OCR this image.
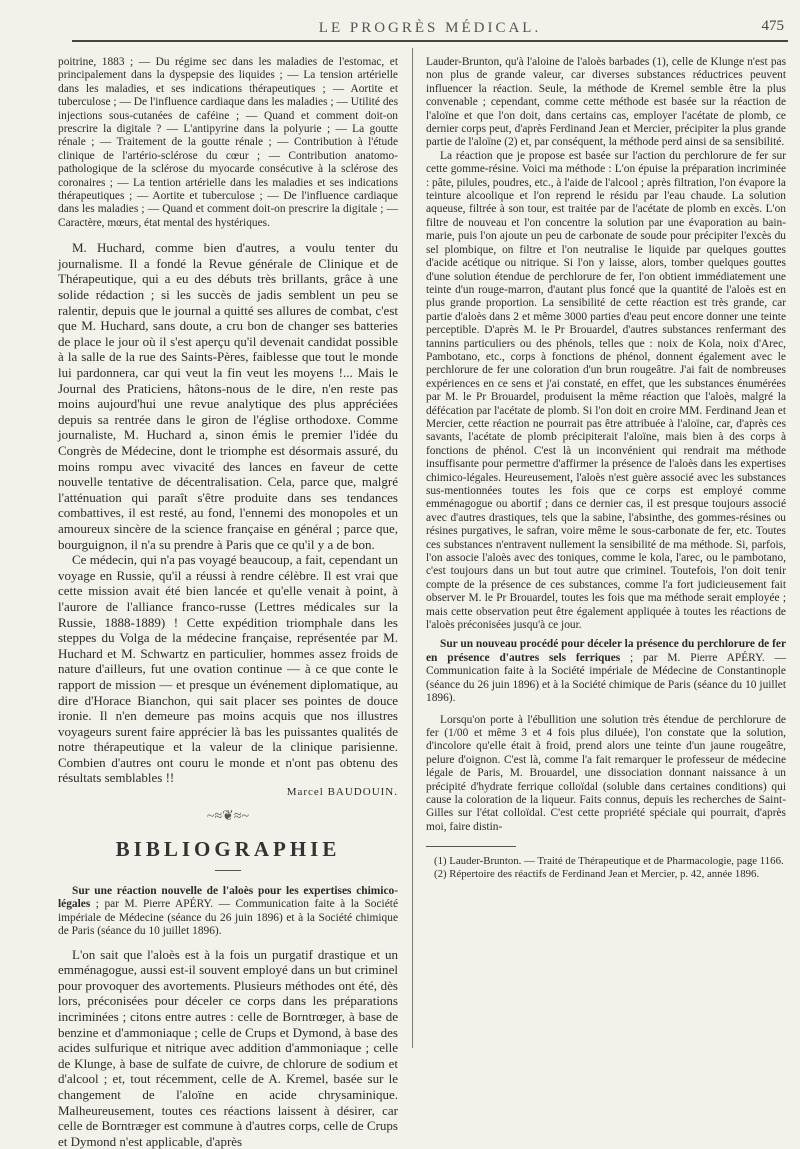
LE PROGRÈS MÉDICAL.	475

poitrine, 1883 ; — Du régime sec dans les maladies de l'estomac, et principalement dans la dyspepsie des liquides ; — La tension artérielle dans les maladies, et ses indications thérapeutiques ; — Aortite et tuberculose ; — De l'influence cardiaque dans les maladies ; — Utilité des injections sous-cutanées de caféine ; — Quand et comment doit-on prescrire la digitale ? — L'antipyrine dans la polyurie ; — La goutte rénale ; — Traitement de la goutte rénale ; — Contribution à l'étude clinique de l'artério-sclérose du cœur ; — Contribution anatomo-pathologique de la sclérose du myocarde consécutive à la sclérose des coronaires ; — La tention artérielle dans les maladies et ses indications thérapeutiques ; — Aortite et tuberculose ; — De l'influence cardiaque dans les maladies ; — Quand et comment doit-on prescrire la digitale ; — Caractère, mœurs, état mental des hystériques.

M. Huchard, comme bien d'autres, a voulu tenter du journalisme. Il a fondé la Revue générale de Clinique et de Thérapeutique, qui a eu des débuts très brillants, grâce à une solide rédaction ; si les succès de jadis semblent un peu se ralentir, depuis que le journal a quitté ses allures de combat, c'est que M. Huchard, sans doute, a cru bon de changer ses batteries de place le jour où il s'est aperçu qu'il devenait candidat possible à la salle de la rue des Saints-Pères, faiblesse que tout le monde lui pardonnera, car qui veut la fin veut les moyens !... Mais le Journal des Praticiens, hâtons-nous de le dire, n'en reste pas moins aujourd'hui une revue analytique des plus appréciées depuis sa rentrée dans le giron de l'église orthodoxe. Comme journaliste, M. Huchard a, sinon émis le premier l'idée du Congrès de Médecine, dont le triomphe est désormais assuré, du moins rompu avec vivacité des lances en faveur de cette nouvelle tentative de décentralisation. Cela, parce que, malgré l'atténuation qui paraît s'être produite dans ses tendances combattives, il est resté, au fond, l'ennemi des monopoles et un amoureux sincère de la science française en général ; parce que, bourguignon, il n'a su prendre à Paris que ce qu'il y a de bon.

Ce médecin, qui n'a pas voyagé beaucoup, a fait, cependant un voyage en Russie, qu'il a réussi à rendre célèbre. Il est vrai que cette mission avait été bien lancée et qu'elle venait à point, à l'aurore de l'alliance franco-russe (Lettres médicales sur la Russie, 1888-1889) ! Cette expédition triomphale dans les steppes du Volga de la médecine française, représentée par M. Huchard et M. Schwartz en particulier, hommes assez froids de nature d'ailleurs, fut une ovation continue — à ce que conte le rapport de mission — et presque un événement diplomatique, au dire d'Horace Bianchon, qui sait placer ses pointes de douce ironie. Il n'en demeure pas moins acquis que nos illustres voyageurs surent faire apprécier là bas les puissantes qualités de notre thérapeutique et la valeur de la clinique parisienne. Combien d'autres ont couru le monde et n'ont pas obtenu des résultats semblables !!

Marcel BAUDOUIN.
~≈❦≈~
BIBLIOGRAPHIE

Sur une réaction nouvelle de l'aloès pour les expertises chimico-légales ; par M. Pierre APÉRY. — Communication faite à la Société impériale de Médecine (séance du 26 juin 1896) et à la Société chimique de Paris (séance du 10 juillet 1896).

L'on sait que l'aloès est à la fois un purgatif drastique et un emménagogue, aussi est-il souvent employé dans un but criminel pour provoquer des avortements. Plusieurs méthodes ont été, dès lors, préconisées pour déceler ce corps dans les préparations incriminées ; citons entre autres : celle de Borntrœger, à base de benzine et d'ammoniaque ; celle de Crups et Dymond, à base des acides sulfurique et nitrique avec addition d'ammoniaque ; celle de Klunge, à base de sulfate de cuivre, de chlorure de sodium et d'alcool ; et, tout récemment, celle de A. Kremel, basée sur le changement de l'aloïne en acide chrysaminique. Malheureusement, toutes ces réactions laissent à désirer, car celle de Borntræger est commune à d'autres corps, celle de Crups et Dymond n'est applicable, d'après

Lauder-Brunton, qu'à l'aloine de l'aloès barbades (1), celle de Klunge n'est pas non plus de grande valeur, car diverses substances réductrices peuvent influencer la réaction. Seule, la méthode de Kremel semble être la plus convenable ; cependant, comme cette méthode est basée sur la réaction de l'aloïne et que l'on doit, dans certains cas, employer l'acétate de plomb, ce dernier corps peut, d'après Ferdinand Jean et Mercier, précipiter la plus grande partie de l'aloïne (2) et, par conséquent, la méthode perd ainsi de sa sensibilité.

La réaction que je propose est basée sur l'action du perchlorure de fer sur cette gomme-résine. Voici ma méthode : L'on épuise la préparation incriminée : pâte, pilules, poudres, etc., à l'aide de l'alcool ; après filtration, l'on évapore la teinture alcoolique et l'on reprend le résidu par l'eau chaude. La solution aqueuse, filtrée à son tour, est traitée par de l'acétate de plomb en excès. L'on filtre de nouveau et l'on concentre la solution par une évaporation au bain-marie, puis l'on ajoute un peu de carbonate de soude pour précipiter l'excès du sel plombique, on filtre et l'on neutralise le liquide par quelques gouttes d'acide acétique ou nitrique. Si l'on y laisse, alors, tomber quelques gouttes d'une solution étendue de perchlorure de fer, l'on obtient immédiatement une teinte d'un rouge-marron, d'autant plus foncé que la quantité de l'aloès est en plus grande proportion. La sensibilité de cette réaction est très grande, car partie d'aloès dans 2 et même 3000 parties d'eau peut encore donner une teinte perceptible. D'après M. le Pr Brouardel, d'autres substances renfermant des tannins particuliers ou des phénols, telles que : noix de Kola, noix d'Arec, Pambotano, etc., corps à fonctions de phénol, donnent également avec le perchlorure de fer une coloration d'un brun rougeâtre. J'ai fait de nombreuses expériences en ce sens et j'ai constaté, en effet, que les substances énumérées par M. le Pr Brouardel, produisent la même réaction que l'aloès, malgré la défécation par l'acétate de plomb. Si l'on doit en croire MM. Ferdinand Jean et Mercier, cette réaction ne pourrait pas être attribuée à l'aloïne, car, d'après ces savants, l'acétate de plomb précipiterait l'aloïne, mais bien à des corps à fonctions de phénol. C'est là un inconvénient qui rendrait ma méthode insuffisante pour permettre d'affirmer la présence de l'aloès dans les expertises chimico-légales. Heureusement, l'aloès n'est guère associé avec les substances sus-mentionnées toutes les fois que ce corps est employé comme emménagogue ou abortif ; dans ce dernier cas, il est presque toujours associé avec d'autres drastiques, tels que la sabine, l'absinthe, des gommes-résines ou résines purgatives, le safran, voire même le sous-carbonate de fer, etc. Toutes ces substances n'entravent nullement la sensibilité de ma méthode. Si, parfois, l'on associe l'aloès avec des toniques, comme le kola, l'arec, ou le pambotano, c'est toujours dans un but tout autre que criminel. Toutefois, l'on doit tenir compte de la présence de ces substances, comme l'a fort judicieusement fait observer M. le Pr Brouardel, toutes les fois que ma méthode serait employée ; mais cette observation peut être également appliquée à toutes les réactions de l'aloès préconisées jusqu'à ce jour.

Sur un nouveau procédé pour déceler la présence du perchlorure de fer en présence d'autres sels ferriques ; par M. Pierre APÉRY. — Communication faite à la Société impériale de Médecine de Constantinople (séance du 26 juin 1896) et à la Société chimique de Paris (séance du 10 juillet 1896).

Lorsqu'on porte à l'ébullition une solution très étendue de perchlorure de fer (1/00 et même 3 et 4 fois plus diluée), l'on constate que la solution, d'incolore qu'elle était à froid, prend alors une teinte d'un jaune rougeâtre, pelure d'oignon. C'est là, comme l'a fait remarquer le professeur de médecine légale de Paris, M. Brouardel, une dissociation donnant naissance à un précipité d'hydrate ferrique colloïdal (soluble dans certaines conditions) qui cause la coloration de la liqueur. Faits connus, depuis les recherches de Saint-Gilles sur l'état colloïdal. C'est cette propriété spéciale qui pourrait, d'après moi, faire distin-

(1) Lauder-Brunton. — Traité de Thérapeutique et de Pharmacologie, page 1166.

(2) Répertoire des réactifs de Ferdinand Jean et Mercier, p. 42, année 1896.
